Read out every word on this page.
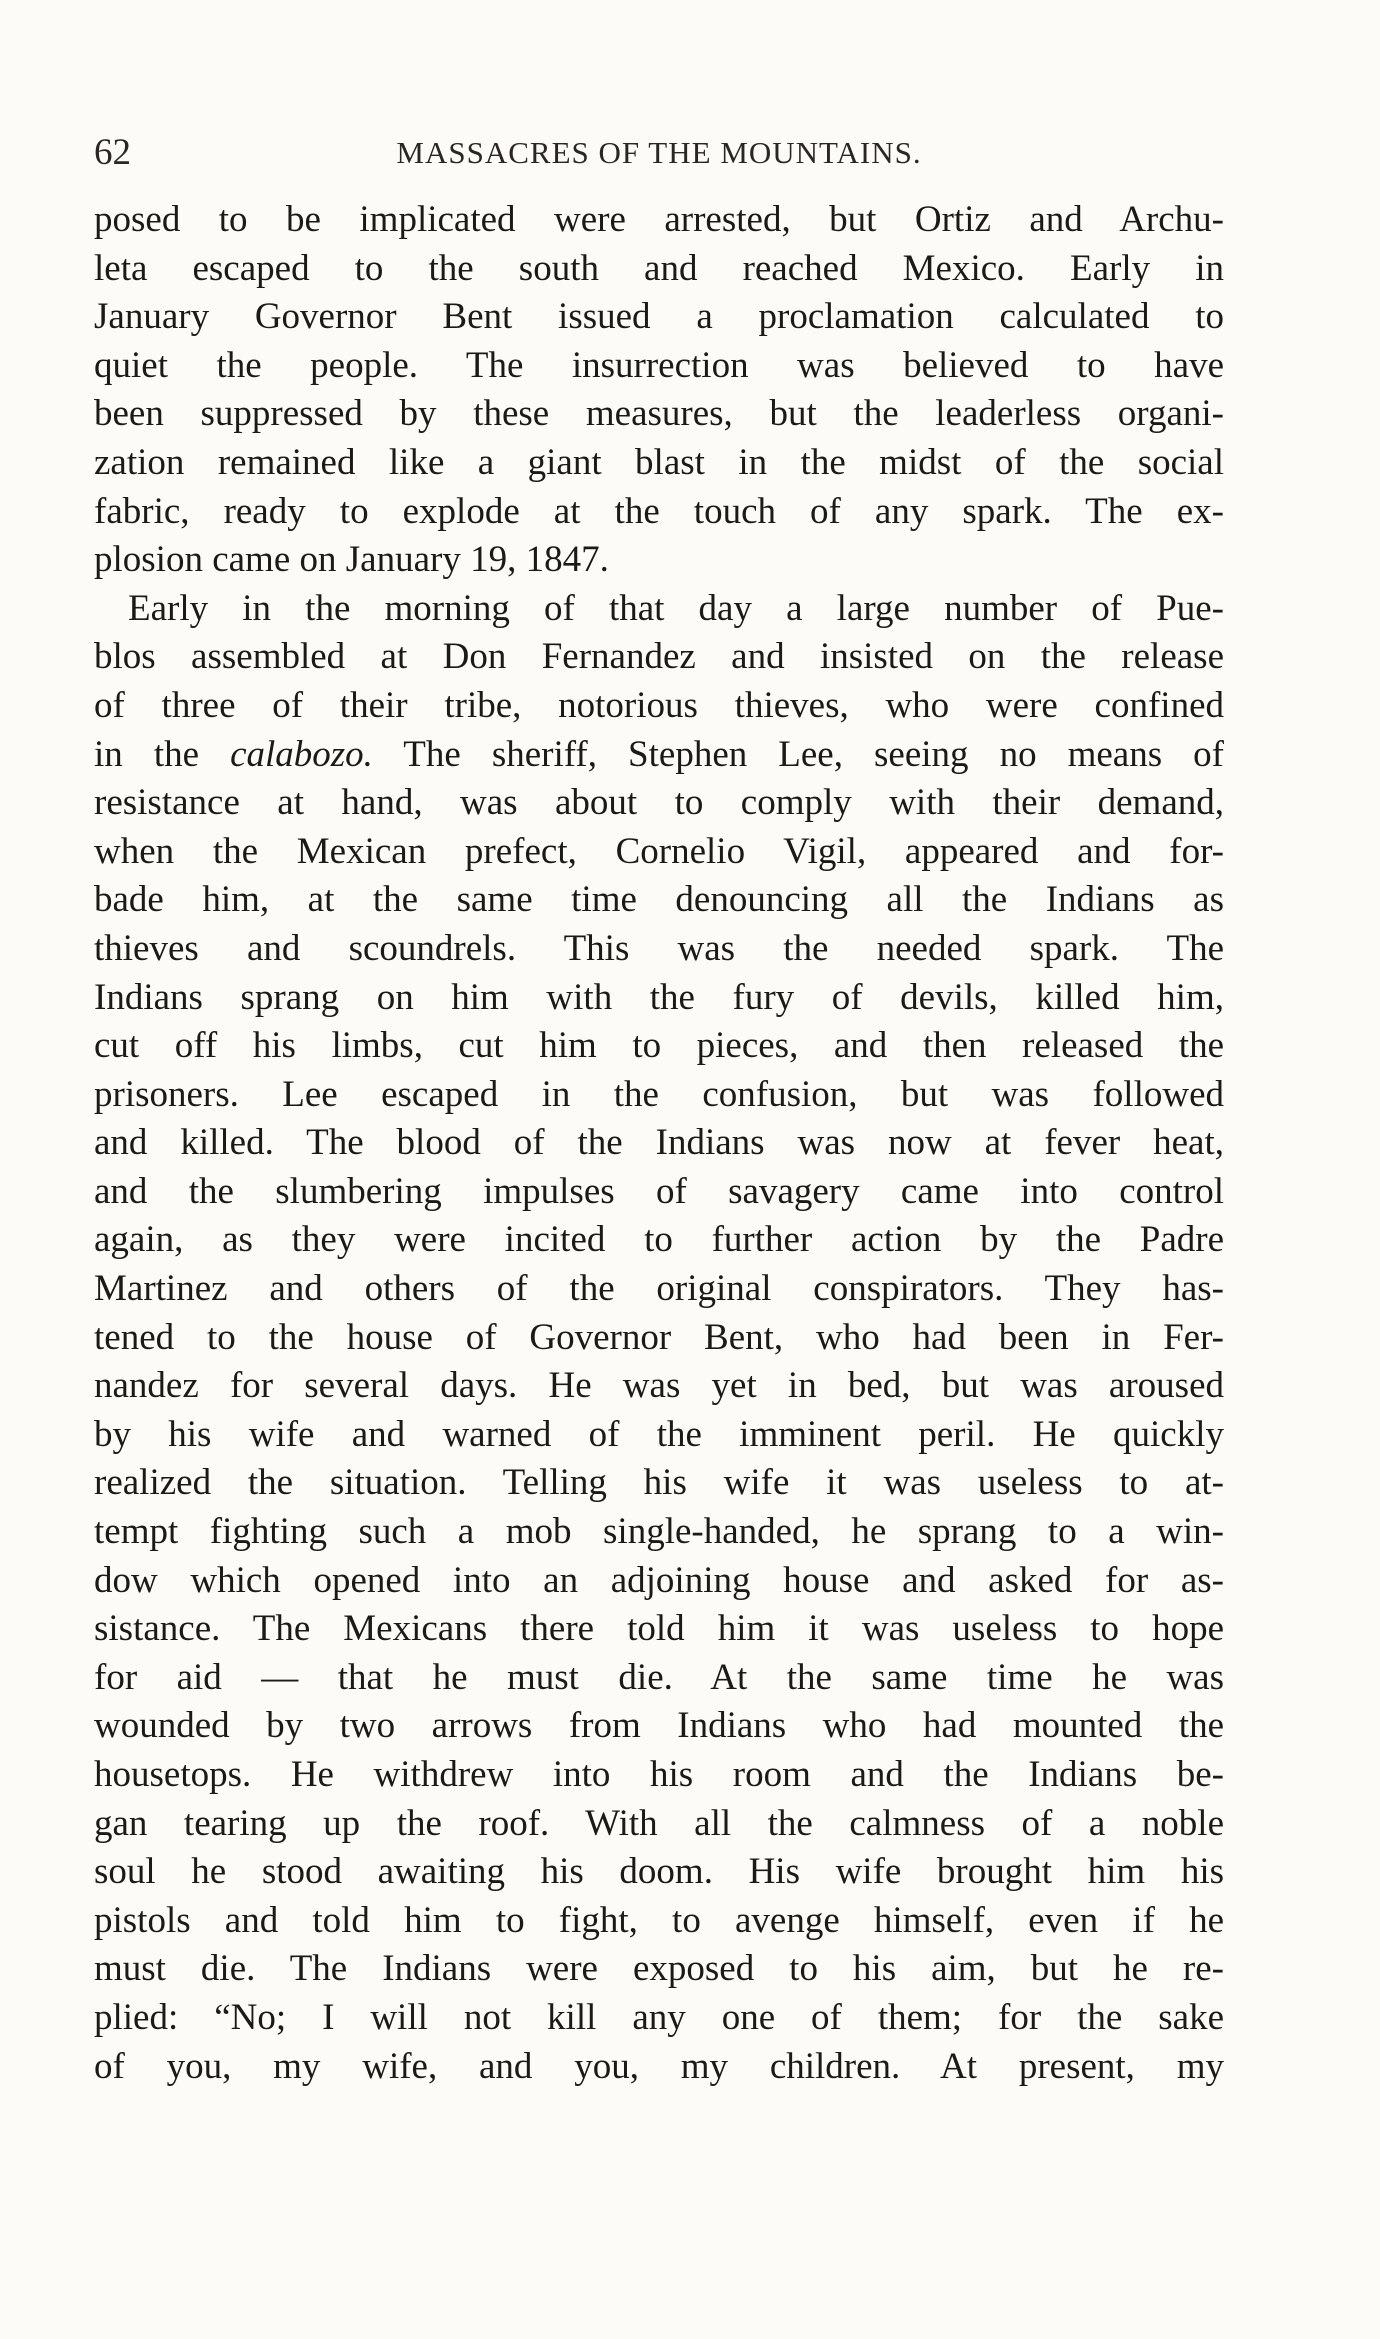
62	MASSACRES OF THE MOUNTAINS.
posed to be implicated were arrested, but Ortiz and Archu-
leta escaped to the south and reached Mexico. Early in
January Governor Bent issued a proclamation calculated to
quiet the people. The insurrection was believed to have
been suppressed by these measures, but the leaderless organi-
zation remained like a giant blast in the midst of the social
fabric, ready to explode at the touch of any spark. The ex-
plosion came on January 19, 1847.
Early in the morning of that day a large number of Pue-
blos assembled at Don Fernandez and insisted on the release
of three of their tribe, notorious thieves, who were confined
in the calabozo. The sheriff, Stephen Lee, seeing no means of
resistance at hand, was about to comply with their demand,
when the Mexican prefect, Cornelio Vigil, appeared and for-
bade him, at the same time denouncing all the Indians as
thieves and scoundrels. This was the needed spark. The
Indians sprang on him with the fury of devils, killed him,
cut off his limbs, cut him to pieces, and then released the
prisoners. Lee escaped in the confusion, but was followed
and killed. The blood of the Indians was now at fever heat,
and the slumbering impulses of savagery came into control
again, as they were incited to further action by the Padre
Martinez and others of the original conspirators. They has-
tened to the house of Governor Bent, who had been in Fer-
nandez for several days. He was yet in bed, but was aroused
by his wife and warned of the imminent peril. He quickly
realized the situation. Telling his wife it was useless to at-
tempt fighting such a mob single-handed, he sprang to a win-
dow which opened into an adjoining house and asked for as-
sistance. The Mexicans there told him it was useless to hope
for aid — that he must die. At the same time he was
wounded by two arrows from Indians who had mounted the
housetops. He withdrew into his room and the Indians be-
gan tearing up the roof. With all the calmness of a noble
soul he stood awaiting his doom. His wife brought him his
pistols and told him to fight, to avenge himself, even if he
must die. The Indians were exposed to his aim, but he re-
plied: “No; I will not kill any one of them; for the sake
of you, my wife, and you, my children. At present, my
